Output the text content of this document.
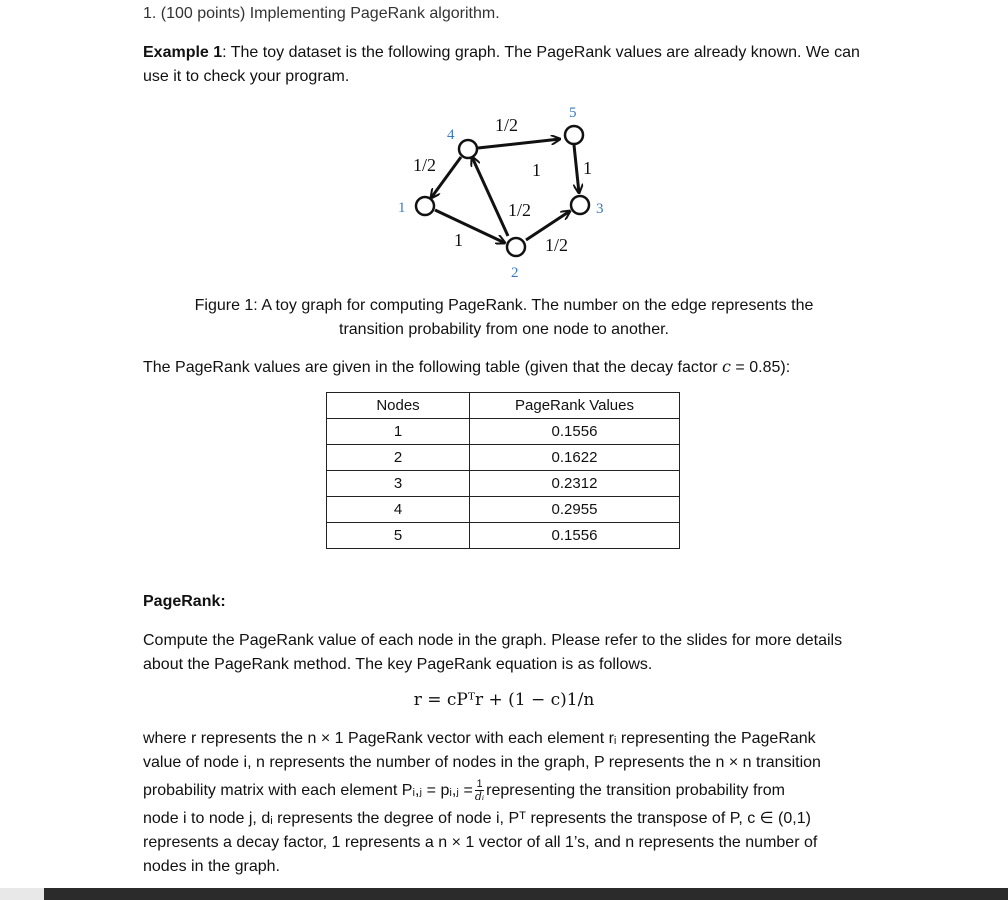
1. (100 points) Implementing PageRank algorithm.
Example 1: The toy dataset is the following graph. The PageRank values are already known. We can use it to check your program.
1
2
3
4
5
1/2
1/2
1 1
1/2
1	1/2
Figure 1: A toy graph for computing PageRank. The number on the edge represents the transition probability from one node to another.
The PageRank values are given in the following table (given that the decay factor c = 0.85):
Nodes	PageRank Values
1	0.1556
2	0.1622
3	0.2312
4	0.2955
5	0.1556
PageRank:
Compute the PageRank value of each node in the graph. Please refer to the slides for more details about the PageRank method. The key PageRank equation is as follows.
r = cPᵀr + (1 − c)1/n
where r represents the n × 1 PageRank vector with each element rᵢ representing the PageRank
value of node i, n represents the number of nodes in the graph, P represents the n × n transition
probability matrix with each element Pᵢ,ⱼ = pᵢ,ⱼ = $\frac{1}{\text{dᵢ}}$ representing the transition probability from
node i to node j, dᵢ represents the degree of node i, Pᵀ represents the transpose of P, c ∈ (0,1)
represents a decay factor, 1 represents a n × 1 vector of all 1’s, and n represents the number of
nodes in the graph.
